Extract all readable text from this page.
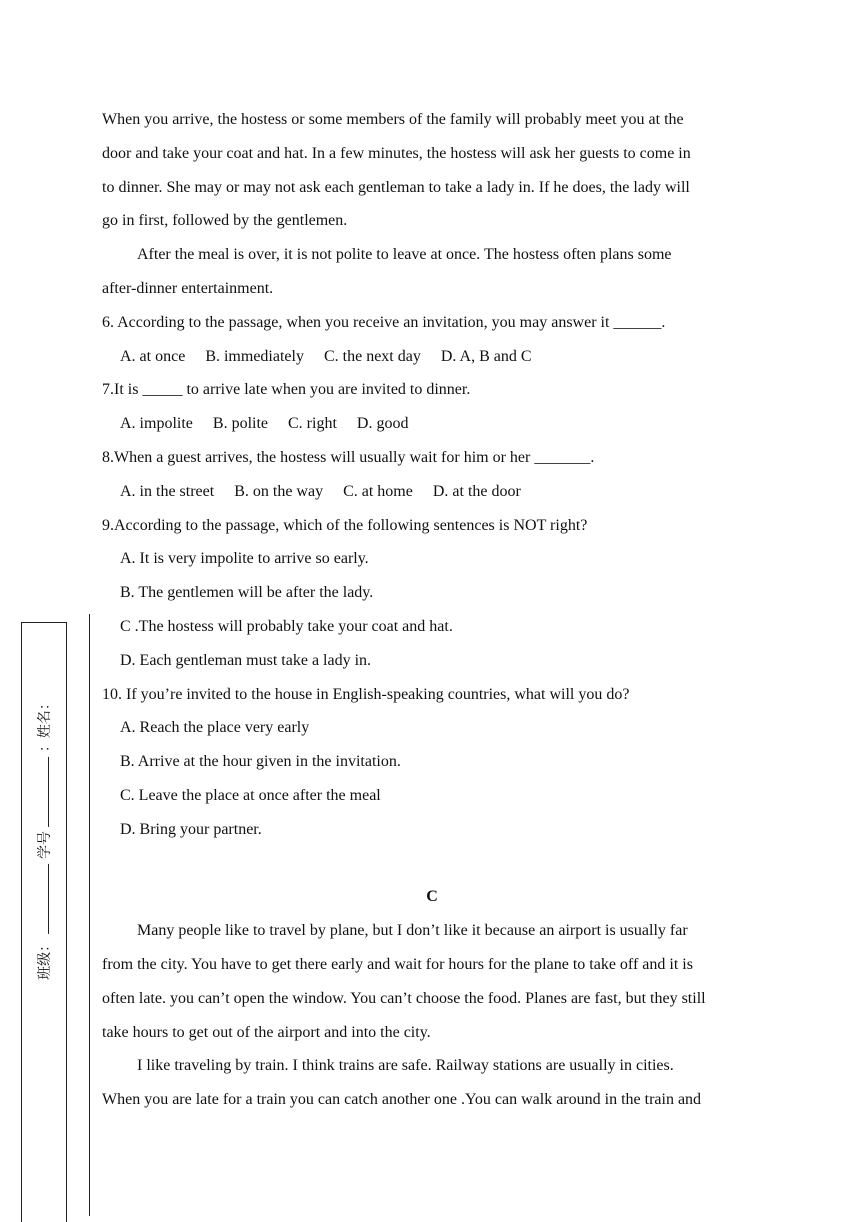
When you arrive, the hostess or some members of the family will probably meet you at the
door and take your coat and hat. In a few minutes, the hostess will ask her guests to come in
to dinner. She may or may not ask each gentleman to take a lady in. If he does, the lady will
go in first, followed by the gentlemen.
After the meal is over, it is not polite to leave at once. The hostess often plans some
after-dinner entertainment.
6. According to the passage, when you receive an invitation, you may answer it ______.
A. at once B. immediately C. the next day D. A, B and C
7.It is _____ to arrive late when you are invited to dinner.
A. impolite B. polite C. right D. good
8.When a guest arrives, the hostess will usually wait for him or her _______.
A. in the street B. on the way C. at home D. at the door
9.According to the passage, which of the following sentences is NOT right?
A. It is very impolite to arrive so early.
B. The gentlemen will be after the lady.
C .The hostess will probably take your coat and hat.
D. Each gentleman must take a lady in.
10. If you’re invited to the house in English-speaking countries, what will you do?
A. Reach the place very early
B. Arrive at the hour given in the invitation.
C. Leave the place at once after the meal
D. Bring your partner.
C
Many people like to travel by plane, but I don’t like it because an airport is usually far
from the city. You have to get there early and wait for hours for the plane to take off and it is
often late. you can’t open the window. You can’t choose the food. Planes are fast, but they still
take hours to get out of the airport and into the city.
I like traveling by train. I think trains are safe. Railway stations are usually in cities.
When you are late for a train you can catch another one .You can walk around in the train and
班级：  学号  ：姓名：
